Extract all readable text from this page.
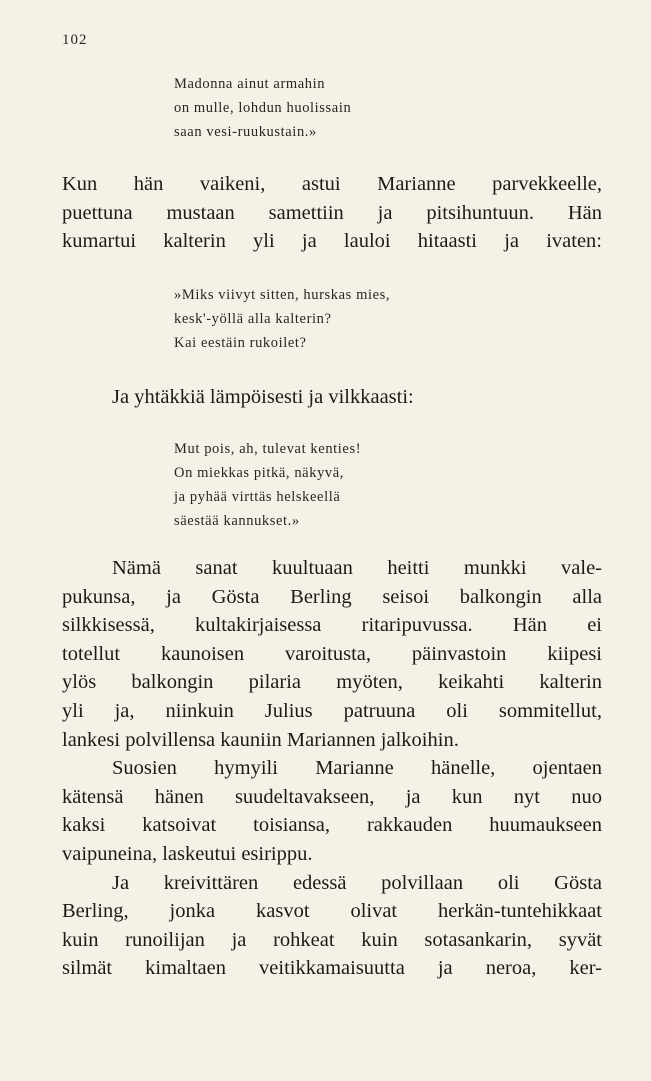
102
Madonna ainut armahin
on mulle, lohdun huolissain
saan vesi-ruukustain.»
Kun hän vaikeni, astui Marianne parvekkeelle,
puettuna mustaan samettiin ja pitsihuntuun. Hän
kumartui kalterin yli ja lauloi hitaasti ja ivaten:
»Miks viivyt sitten, hurskas mies,
kesk'-yöllä alla kalterin?
Kai eestäin rukoilet?
Ja yhtäkkiä lämpöisesti ja vilkkaasti:
Mut pois, ah, tulevat kenties!
On miekkas pitkä, näkyvä,
ja pyhää virttäs helskeellä
säestää kannukset.»
Nämä sanat kuultuaan heitti munkki vale-
pukunsa, ja Gösta Berling seisoi balkongin alla
silkkisessä, kultakirjaisessa ritaripuvussa. Hän ei
totellut kaunoisen varoitusta, päinvastoin kiipesi
ylös balkongin pilaria myöten, keikahti kalterin
yli ja, niinkuin Julius patruuna oli sommitellut,
lankesi polvillensa kauniin Mariannen jalkoihin.
Suosien hymyili Marianne hänelle, ojentaen
kätensä hänen suudeltavakseen, ja kun nyt nuo
kaksi katsoivat toisiansa, rakkauden huumaukseen
vaipuneina, laskeutui esirippu.
Ja kreivittären edessä polvillaan oli Gösta
Berling, jonka kasvot olivat herkän-tuntehikkaat
kuin runoilijan ja rohkeat kuin sotasankarin, syvät
silmät kimaltaen veitikkamaisuutta ja neroa, ker-
